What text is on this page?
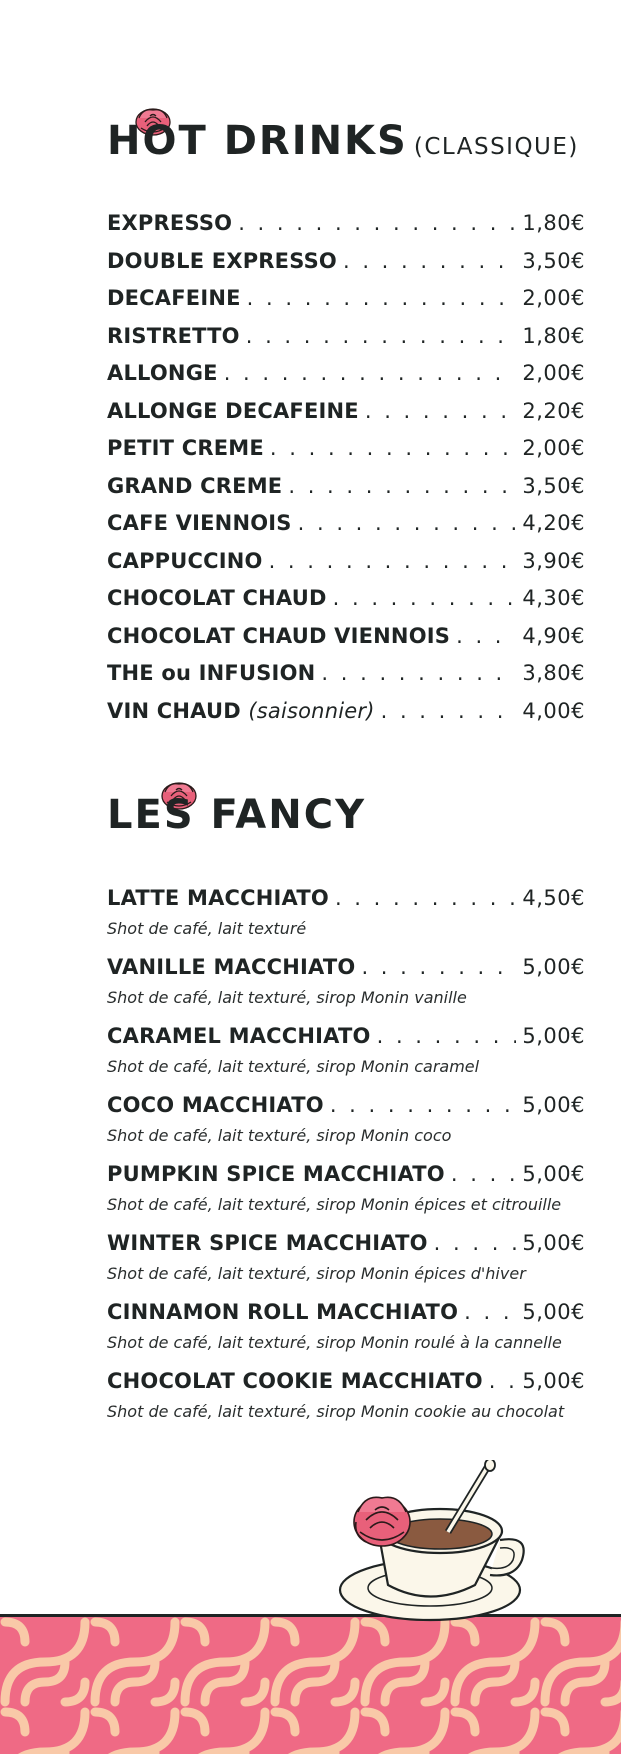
HOT DRINKS (CLASSIQUE)
EXPRESSO . . .	1,80€
DOUBLE EXPRESSO . . .	3,50€
DECAFEINE . . .	2,00€
RISTRETTO . . .	1,80€
ALLONGE . . .	2,00€
ALLONGE DECAFEINE . . .	2,20€
PETIT CREME . . .	2,00€
GRAND CREME . . .	3,50€
CAFE VIENNOIS . . .	4,20€
CAPPUCCINO . . .	3,90€
CHOCOLAT CHAUD . . .	4,30€
CHOCOLAT CHAUD VIENNOIS . . .	4,90€
THE ou INFUSION . . .	3,80€
VIN CHAUD (saisonnier) . . .	4,00€
LES FANCY
LATTE MACCHIATO . . .	4,50€
Shot de café, lait texturé
VANILLE MACCHIATO . . .	5,00€
Shot de café, lait texturé, sirop Monin vanille
CARAMEL MACCHIATO . . .	5,00€
Shot de café, lait texturé, sirop Monin caramel
COCO MACCHIATO . . .	5,00€
Shot de café, lait texturé, sirop Monin coco
PUMPKIN SPICE MACCHIATO . . .	5,00€
Shot de café, lait texturé, sirop Monin épices et citrouille
WINTER SPICE MACCHIATO . . .	5,00€
Shot de café, lait texturé, sirop Monin épices d'hiver
CINNAMON ROLL MACCHIATO . . .	5,00€
Shot de café, lait texturé, sirop Monin roulé à la cannelle
CHOCOLAT COOKIE MACCHIATO . . . 5,00€
Shot de café, lait texturé, sirop Monin cookie au chocolat
